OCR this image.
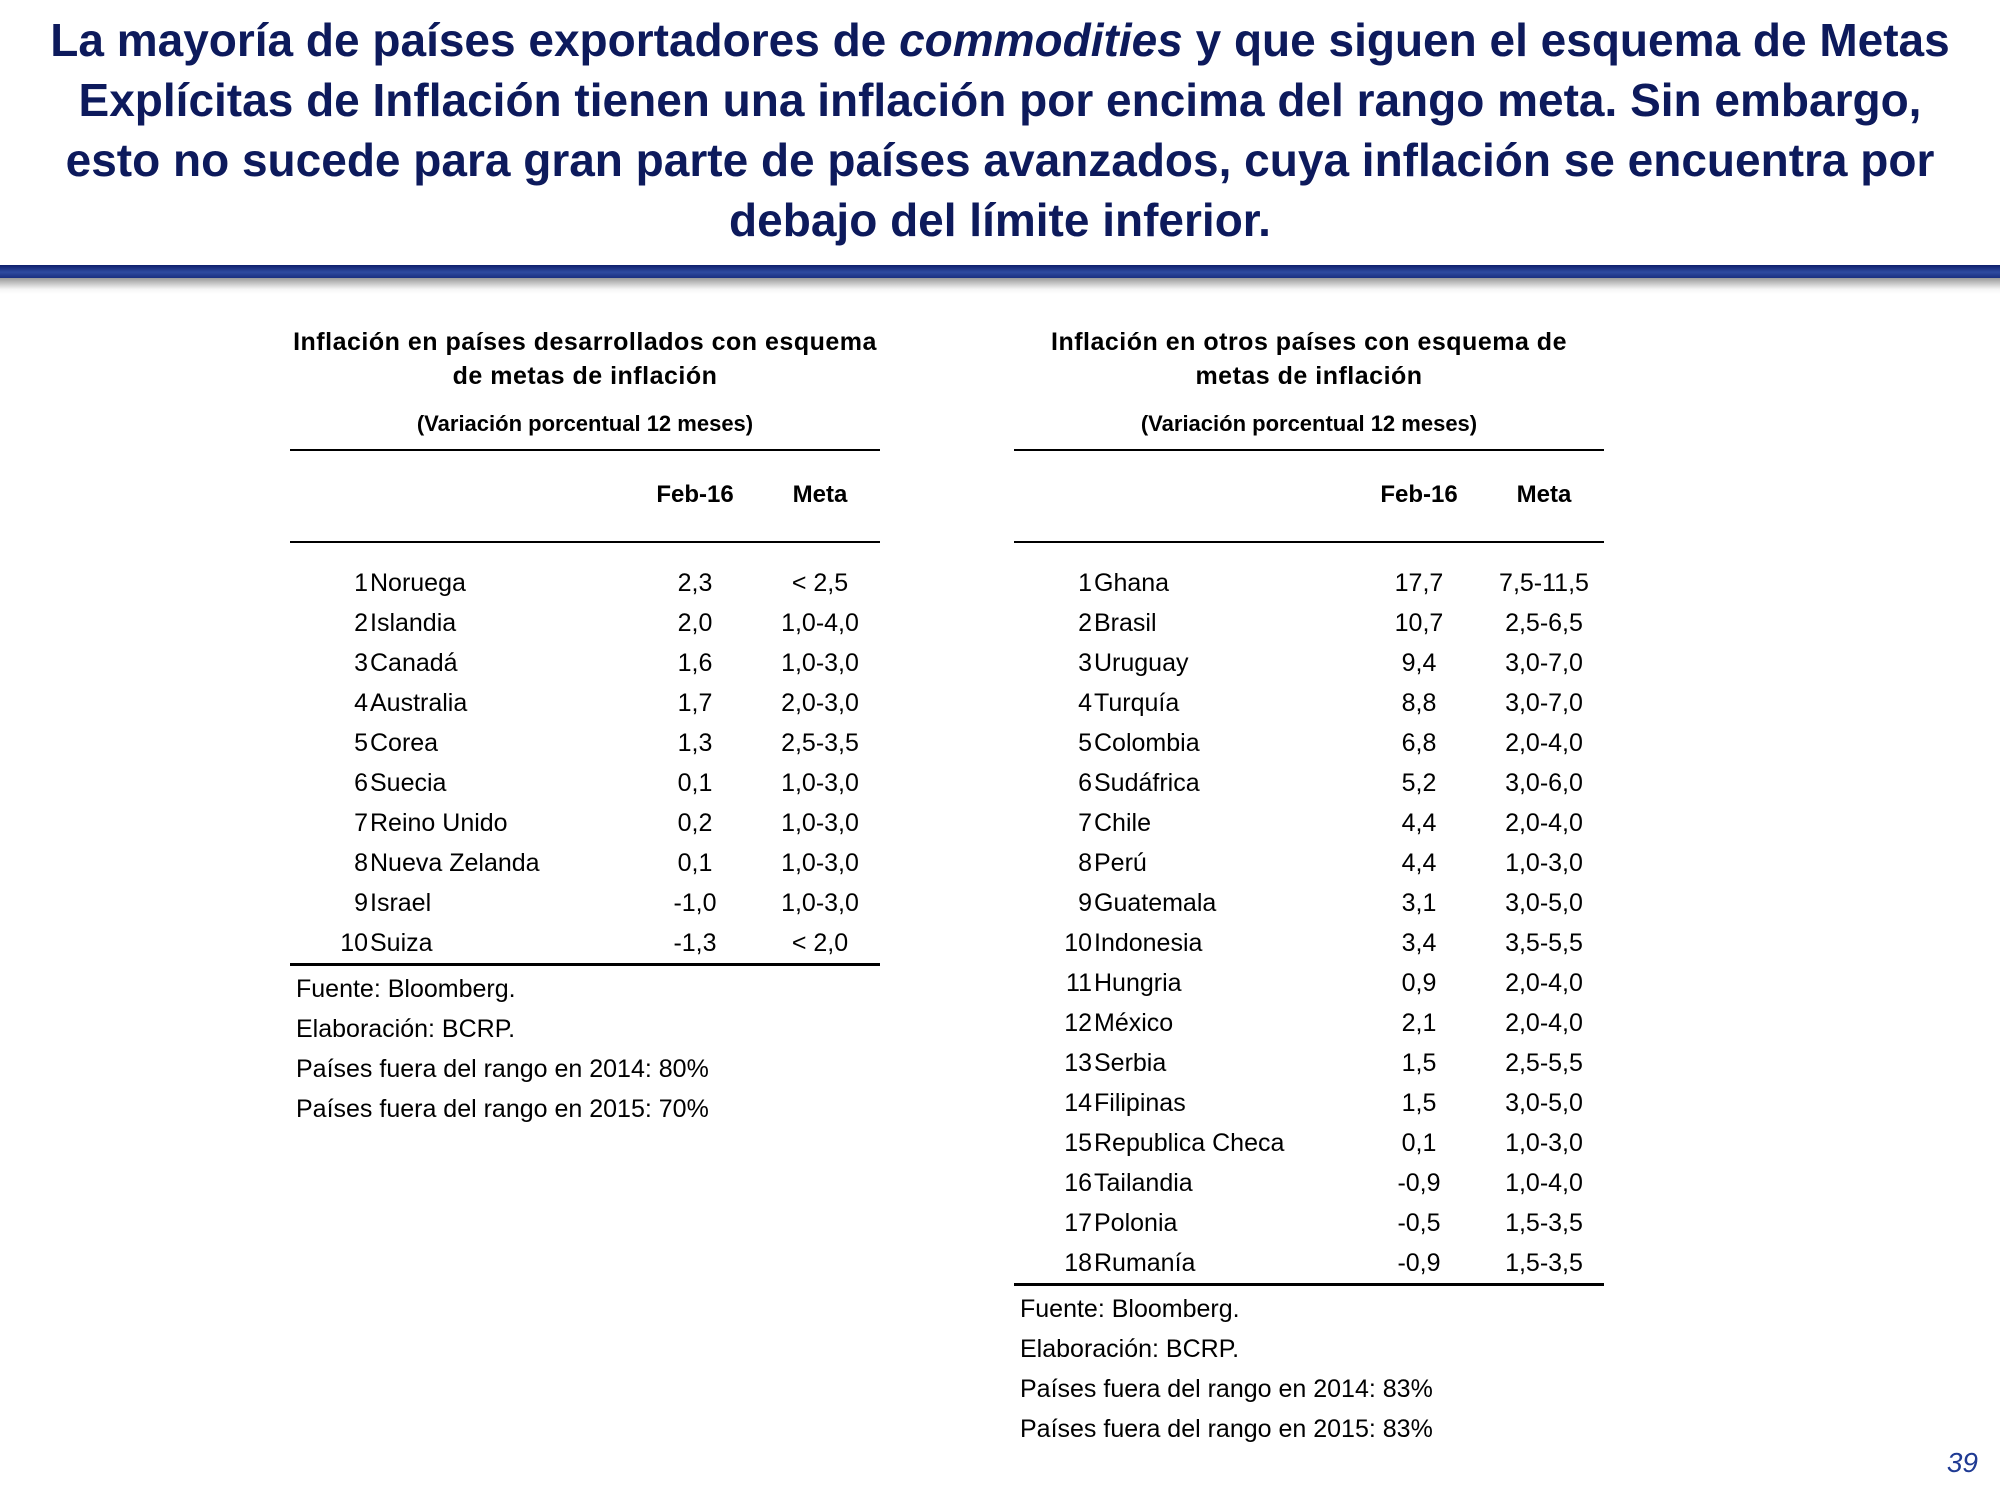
La mayoría de países exportadores de commodities y que siguen el esquema de Metas Explícitas de Inflación tienen una inflación por encima del rango meta. Sin embargo, esto no sucede para gran parte de países avanzados, cuya inflación se encuentra por debajo del límite inferior.
Inflación en países desarrollados con esquema de metas de inflación
(Variación porcentual 12 meses)
Feb-16	Meta
1 Noruega	2,3	< 2,5
2 Islandia	2,0	1,0-4,0
3 Canadá	1,6	1,0-3,0
4 Australia	1,7	2,0-3,0
5 Corea	1,3	2,5-3,5
6 Suecia	0,1	1,0-3,0
7 Reino Unido	0,2	1,0-3,0
8 Nueva Zelanda	0,1	1,0-3,0
9 Israel	-1,0	1,0-3,0
10 Suiza	-1,3	< 2,0
Fuente: Bloomberg.
Elaboración: BCRP.
Países fuera del rango en 2014: 80%
Países fuera del rango en 2015: 70%
Inflación en otros países con esquema de metas de inflación
(Variación porcentual 12 meses)
Feb-16	Meta
1 Ghana	17,7	7,5-11,5
2 Brasil	10,7	2,5-6,5
3 Uruguay	9,4	3,0-7,0
4 Turquía	8,8	3,0-7,0
5 Colombia	6,8	2,0-4,0
6 Sudáfrica	5,2	3,0-6,0
7 Chile	4,4	2,0-4,0
8 Perú	4,4	1,0-3,0
9 Guatemala	3,1	3,0-5,0
10 Indonesia	3,4	3,5-5,5
11 Hungria	0,9	2,0-4,0
12 México	2,1	2,0-4,0
13 Serbia	1,5	2,5-5,5
14 Filipinas	1,5	3,0-5,0
15 Republica Checa	0,1	1,0-3,0
16 Tailandia	-0,9	1,0-4,0
17 Polonia	-0,5	1,5-3,5
18 Rumanía	-0,9	1,5-3,5
Fuente: Bloomberg.
Elaboración: BCRP.
Países fuera del rango en 2014: 83%
Países fuera del rango en 2015: 83%
39
